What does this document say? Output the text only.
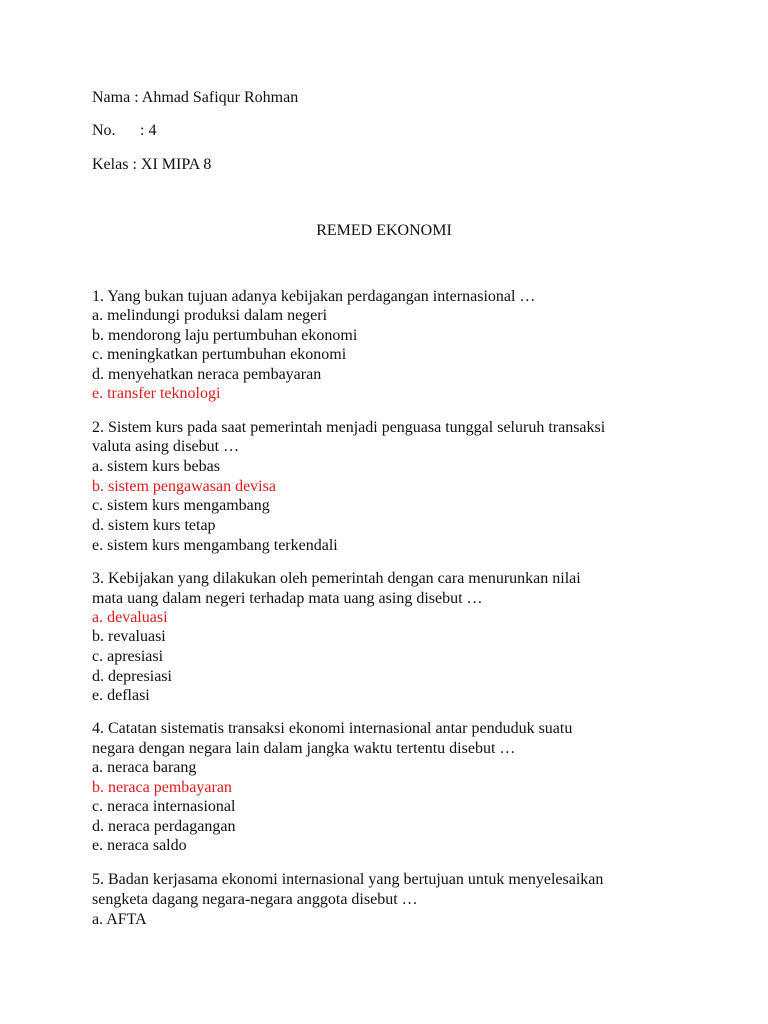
Nama : Ahmad Safiqur Rohman
No. : 4
Kelas : XI MIPA 8
REMED EKONOMI
1. Yang bukan tujuan adanya kebijakan perdagangan internasional …
a. melindungi produksi dalam negeri
b. mendorong laju pertumbuhan ekonomi
c. meningkatkan pertumbuhan ekonomi
d. menyehatkan neraca pembayaran
e. transfer teknologi
2. Sistem kurs pada saat pemerintah menjadi penguasa tunggal seluruh transaksi
valuta asing disebut …
a. sistem kurs bebas
b. sistem pengawasan devisa
c. sistem kurs mengambang
d. sistem kurs tetap
e. sistem kurs mengambang terkendali
3. Kebijakan yang dilakukan oleh pemerintah dengan cara menurunkan nilai
mata uang dalam negeri terhadap mata uang asing disebut …
a. devaluasi
b. revaluasi
c. apresiasi
d. depresiasi
e. deflasi
4. Catatan sistematis transaksi ekonomi internasional antar penduduk suatu
negara dengan negara lain dalam jangka waktu tertentu disebut …
a. neraca barang
b. neraca pembayaran
c. neraca internasional
d. neraca perdagangan
e. neraca saldo
5. Badan kerjasama ekonomi internasional yang bertujuan untuk menyelesaikan
sengketa dagang negara-negara anggota disebut …
a. AFTA
